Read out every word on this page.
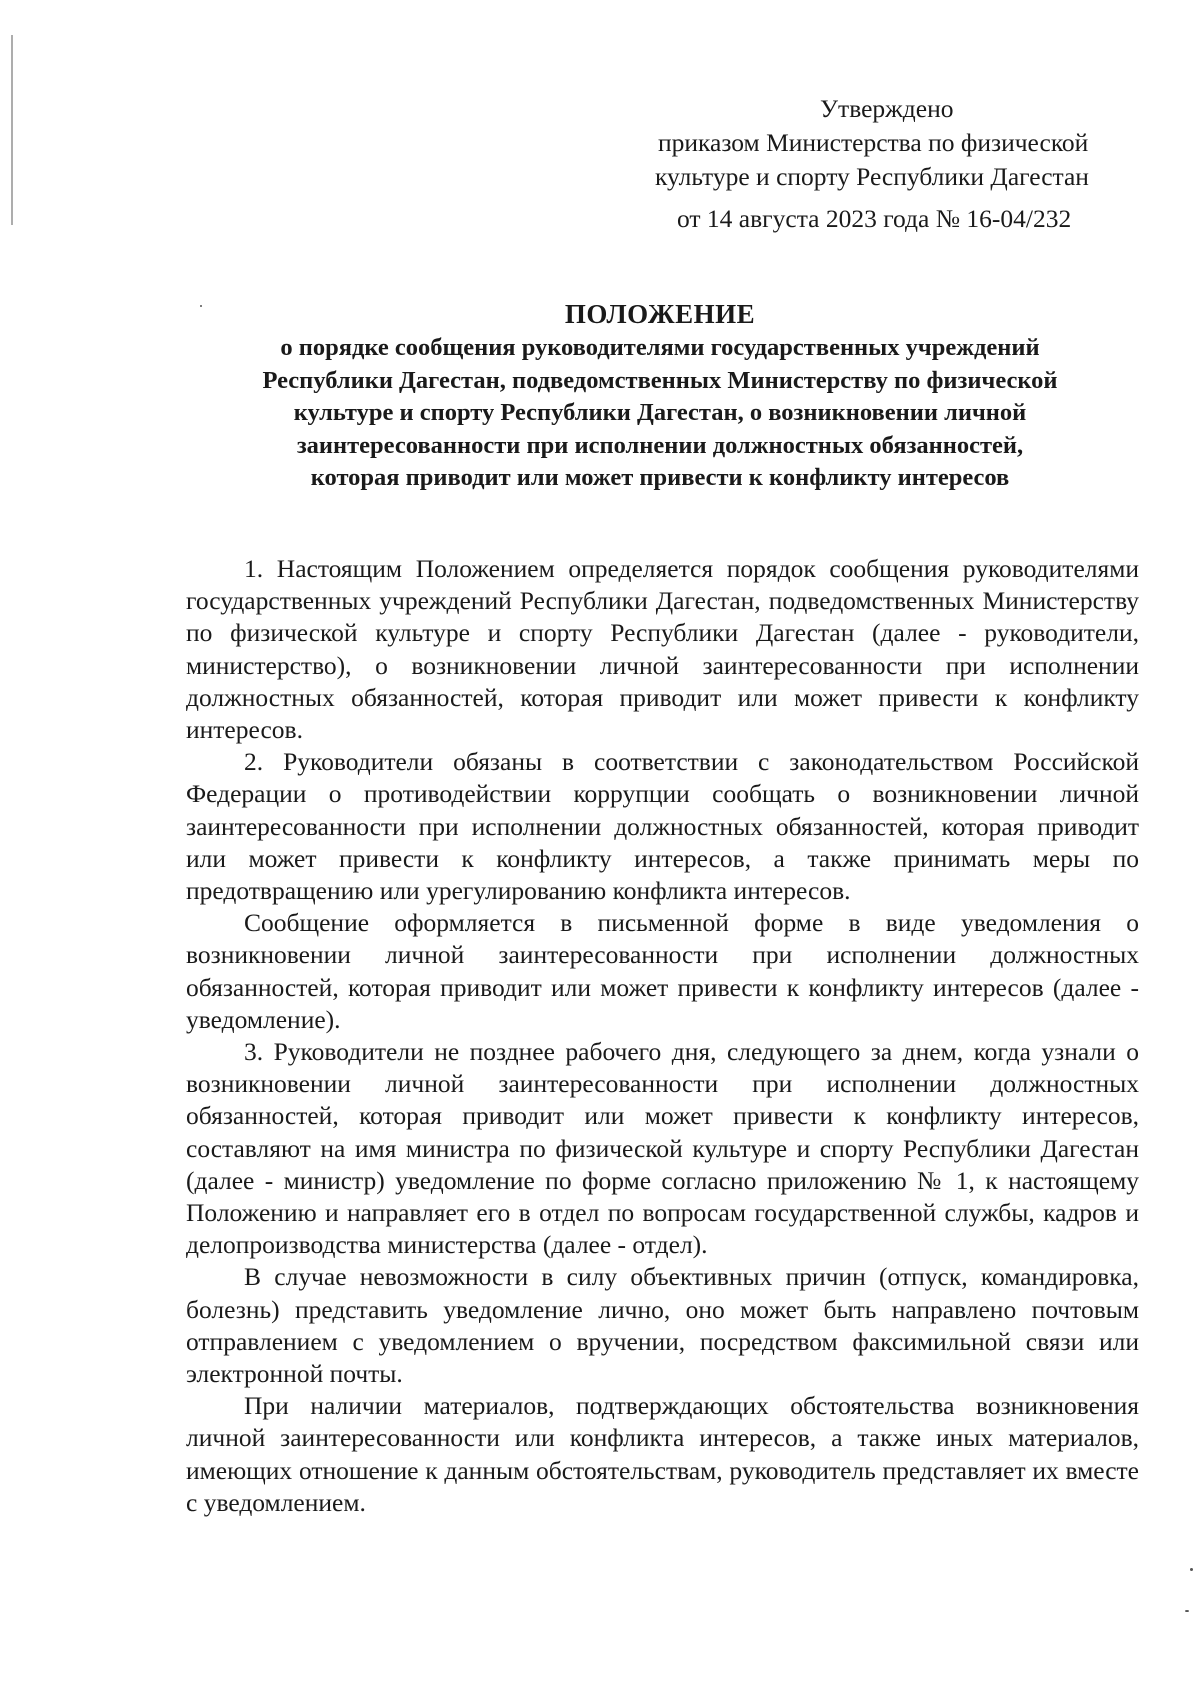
Утверждено
приказом Министерства по физической
культуре и спорту Республики Дагестан
от 14 августа 2023 года № 16-04/232
ПОЛОЖЕНИЕ
о порядке сообщения руководителями государственных учреждений
Республики Дагестан, подведомственных Министерству по физической
культуре и спорту Республики Дагестан, о возникновении личной
заинтересованности при исполнении должностных обязанностей,
которая приводит или может привести к конфликту интересов

1. Настоящим Положением определяется порядок сообщения руководителями государственных учреждений Республики Дагестан, подведомственных Министерству по физической культуре и спорту Республики Дагестан (далее - руководители, министерство), о возникновении личной заинтересованности при исполнении должностных обязанностей, которая приводит или может привести к конфликту интересов.

2. Руководители обязаны в соответствии с законодательством Российской Федерации о противодействии коррупции сообщать о возникновении личной заинтересованности при исполнении должностных обязанностей, которая приводит или может привести к конфликту интересов, а также принимать меры по предотвращению или урегулированию конфликта интересов.

Сообщение оформляется в письменной форме в виде уведомления о возникновении личной заинтересованности при исполнении должностных обязанностей, которая приводит или может привести к конфликту интересов (далее - уведомление).

3. Руководители не позднее рабочего дня, следующего за днем, когда узнали о возникновении личной заинтересованности при исполнении должностных обязанностей, которая приводит или может привести к конфликту интересов, составляют на имя министра по физической культуре и спорту Республики Дагестан (далее - министр) уведомление по форме согласно приложению № 1, к настоящему Положению и направляет его в отдел по вопросам государственной службы, кадров и делопроизводства министерства (далее - отдел).

В случае невозможности в силу объективных причин (отпуск, командировка, болезнь) представить уведомление лично, оно может быть направлено почтовым отправлением с уведомлением о вручении, посредством факсимильной связи или электронной почты.

При наличии материалов, подтверждающих обстоятельства возникновения личной заинтересованности или конфликта интересов, а также иных материалов, имеющих отношение к данным обстоятельствам, руководитель представляет их вместе с уведомлением.
